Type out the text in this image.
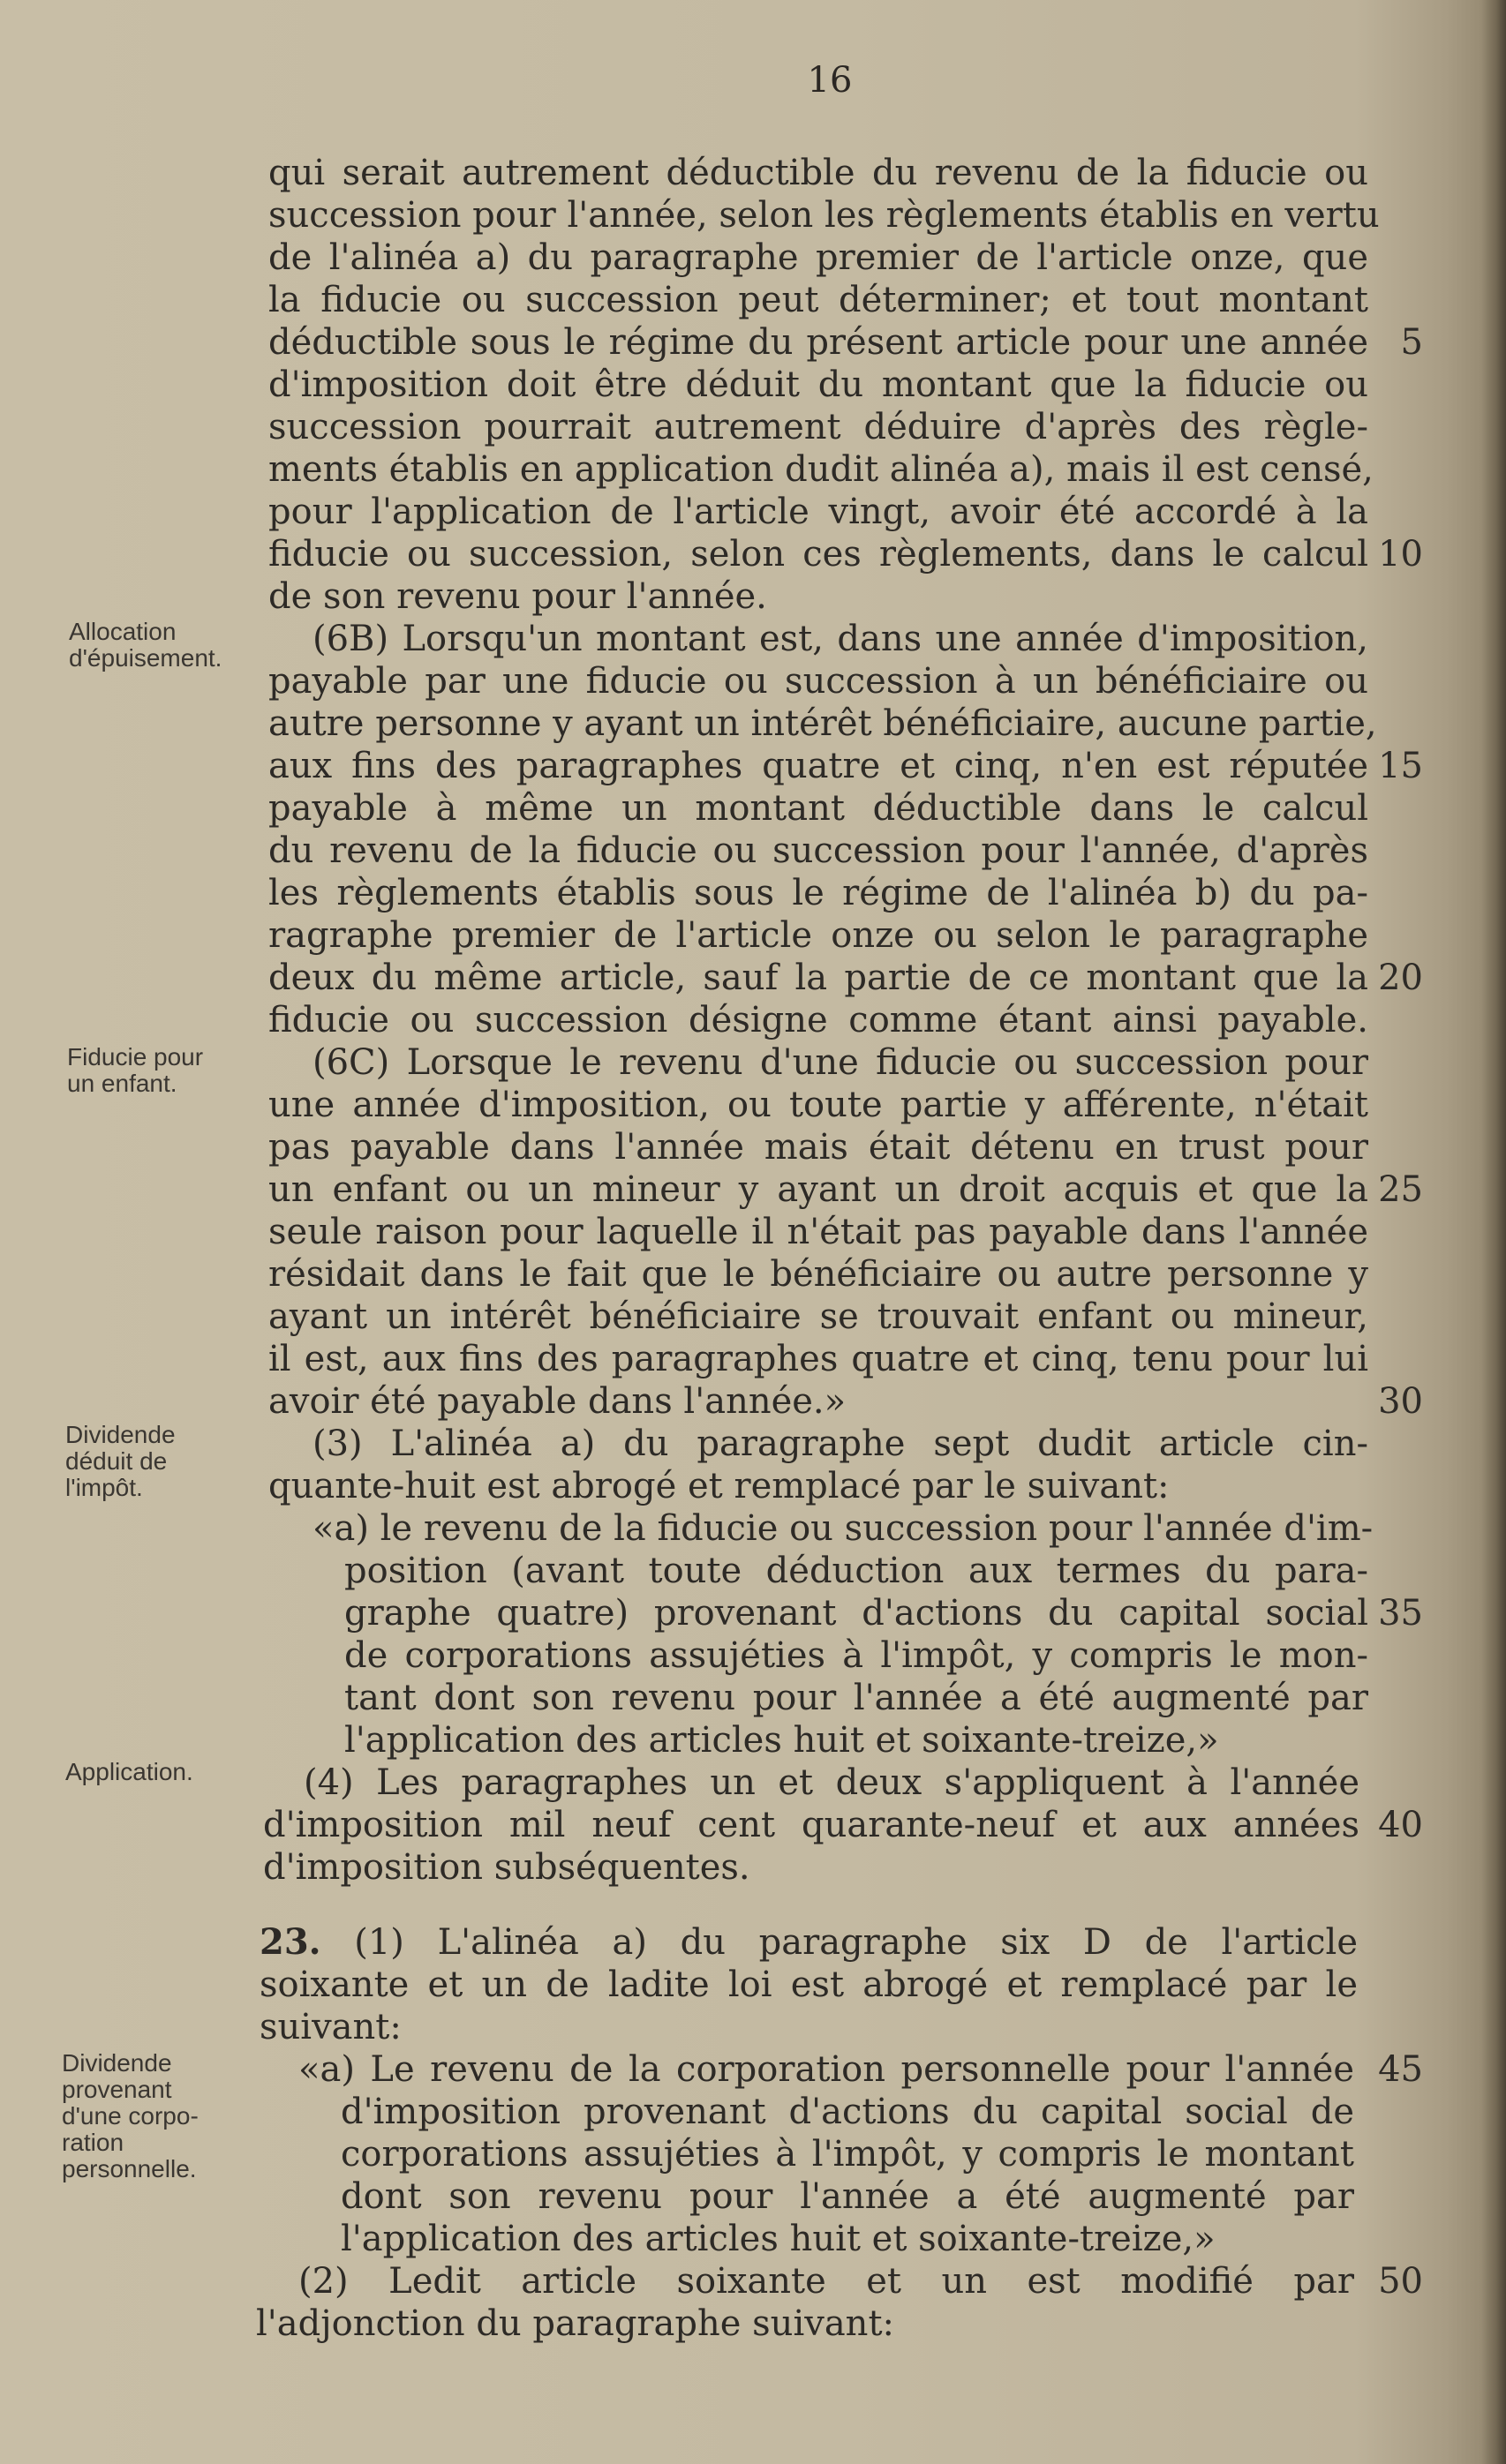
16
Allocation
d'épuisement.
Fiducie pour
un enfant.
Dividende
déduit de
l'impôt.
Application.
Dividende
provenant
d'une corpo-
ration
personnelle.
qui serait autrement déductible du revenu de la fiducie ou
succession pour l'année, selon les règlements établis en vertu
de l'alinéa a) du paragraphe premier de l'article onze, que
la fiducie ou succession peut déterminer; et tout montant
déductible sous le régime du présent article pour une année
d'imposition doit être déduit du montant que la fiducie ou
succession pourrait autrement déduire d'après des règle-
ments établis en application dudit alinéa a), mais il est censé,
pour l'application de l'article vingt, avoir été accordé à la
fiducie ou succession, selon ces règlements, dans le calcul
de son revenu pour l'année.
(6B) Lorsqu'un montant est, dans une année d'imposition,
payable par une fiducie ou succession à un bénéficiaire ou
autre personne y ayant un intérêt bénéficiaire, aucune partie,
aux fins des paragraphes quatre et cinq, n'en est réputée
payable à même un montant déductible dans le calcul
du revenu de la fiducie ou succession pour l'année, d'après
les règlements établis sous le régime de l'alinéa b) du pa-
ragraphe premier de l'article onze ou selon le paragraphe
deux du même article, sauf la partie de ce montant que la
fiducie ou succession désigne comme étant ainsi payable.
(6C) Lorsque le revenu d'une fiducie ou succession pour
une année d'imposition, ou toute partie y afférente, n'était
pas payable dans l'année mais était détenu en trust pour
un enfant ou un mineur y ayant un droit acquis et que la
seule raison pour laquelle il n'était pas payable dans l'année
résidait dans le fait que le bénéficiaire ou autre personne y
ayant un intérêt bénéficiaire se trouvait enfant ou mineur,
il est, aux fins des paragraphes quatre et cinq, tenu pour lui
avoir été payable dans l'année.»
(3) L'alinéa a) du paragraphe sept dudit article cin-
quante-huit est abrogé et remplacé par le suivant:
«a) le revenu de la fiducie ou succession pour l'année d'im-
position (avant toute déduction aux termes du para-
graphe quatre) provenant d'actions du capital social
de corporations assujéties à l'impôt, y compris le mon-
tant dont son revenu pour l'année a été augmenté par
l'application des articles huit et soixante-treize,»
(4) Les paragraphes un et deux s'appliquent à l'année
d'imposition mil neuf cent quarante-neuf et aux années
d'imposition subséquentes.
23. (1) L'alinéa a) du paragraphe six D de l'article
soixante et un de ladite loi est abrogé et remplacé par le
suivant:
«a) Le revenu de la corporation personnelle pour l'année
d'imposition provenant d'actions du capital social de
corporations assujéties à l'impôt, y compris le montant
dont son revenu pour l'année a été augmenté par
l'application des articles huit et soixante-treize,»
(2) Ledit article soixante et un est modifié par
l'adjonction du paragraphe suivant:
5
10
15
20
25
30
35
40
45
50
